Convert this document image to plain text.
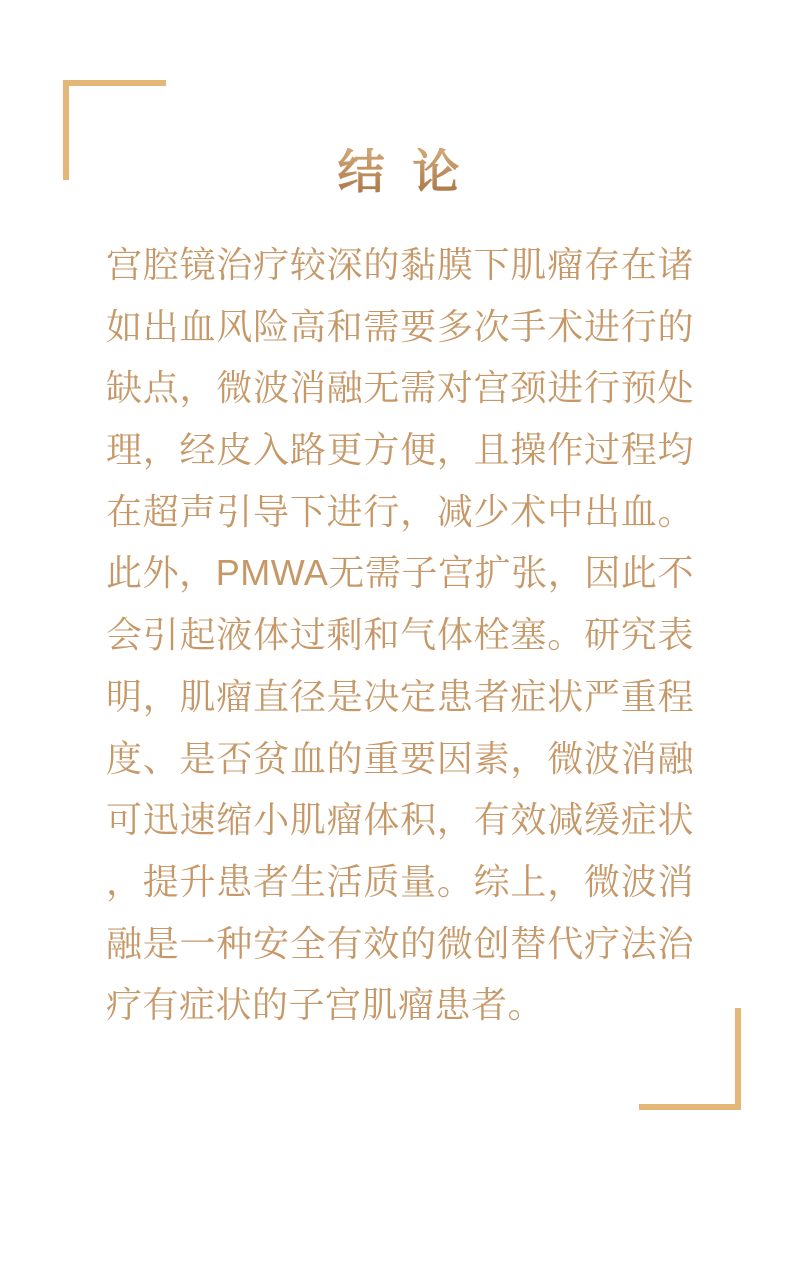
结 论
宫腔镜治疗较深的黏膜下肌瘤存在诸
如出血风险高和需要多次手术进行的
缺点，微波消融无需对宫颈进行预处
理，经皮入路更方便，且操作过程均
在超声引导下进行，减少术中出血。
此外，PMWA无需子宫扩张，因此不
会引起液体过剩和气体栓塞。研究表
明，肌瘤直径是决定患者症状严重程
度、是否贫血的重要因素，微波消融
可迅速缩小肌瘤体积，有效减缓症状
，提升患者生活质量。综上，微波消
融是一种安全有效的微创替代疗法治
疗有症状的子宫肌瘤患者。
